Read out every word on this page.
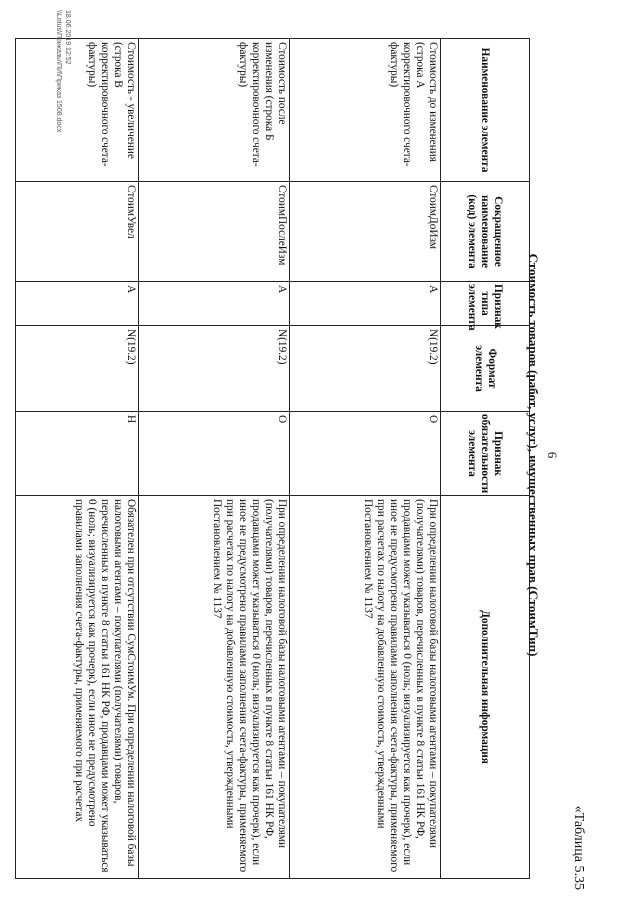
«Таблица 5.35
6
Стоимость товаров (работ, услуг), имущественных прав (СтоимТип)
Наименование элемента	Сокращенное наименование (код) элемента	Признак типа элемента	Формат элемента	Признак обязательности элемента	Дополнительная информация
Стоимость до изменения (строка А корректировочного счета-фактуры)	СтоимДоИзм	А	N(19.2)	О	При определении налоговой базы налоговыми агентами – покупателями (получателями) товаров, перечисленных в пункте 8 статьи 161 НК РФ, продавцами может указываться 0 (ноль; визуализируется как прочерк), если иное не предусмотрено правилами заполнения счета-фактуры, применяемого при расчетах по налогу на добавленную стоимость, утвержденными Постановлением № 1137
Стоимость после изменения (строка Б корректировочного счета-фактуры)	СтоимПослеИзм	А	N(19.2)	О	При определении налоговой базы налоговыми агентами – покупателями (получателями) товаров, перечисленных в пункте 8 статьи 161 НК РФ, продавцами может указываться 0 (ноль; визуализируется как прочерк), если иное не предусмотрено правилами заполнения счета-фактуры, применяемого при расчетах по налогу на добавленную стоимость, утвержденными Постановлением № 1137
Стоимость - увеличение (строка В корректировочного счета-фактуры)	СтоимУвел	А	N(19.2)	Н	Обязателен при отсутствии СумСтоимУм. При определении налоговой базы налоговыми агентами – покупателями (получателями) товаров, перечисленных в пункте 8 статьи 161 НК РФ, продавцами может указываться 0 (ноль; визуализируется как прочерк), если иное не предусмотрено правилами заполнения счета-фактуры, применяемого при расчетах
18.06.2019 12:52
\\Lotus\Приказы\ПИ\Приказ 1508.docx
